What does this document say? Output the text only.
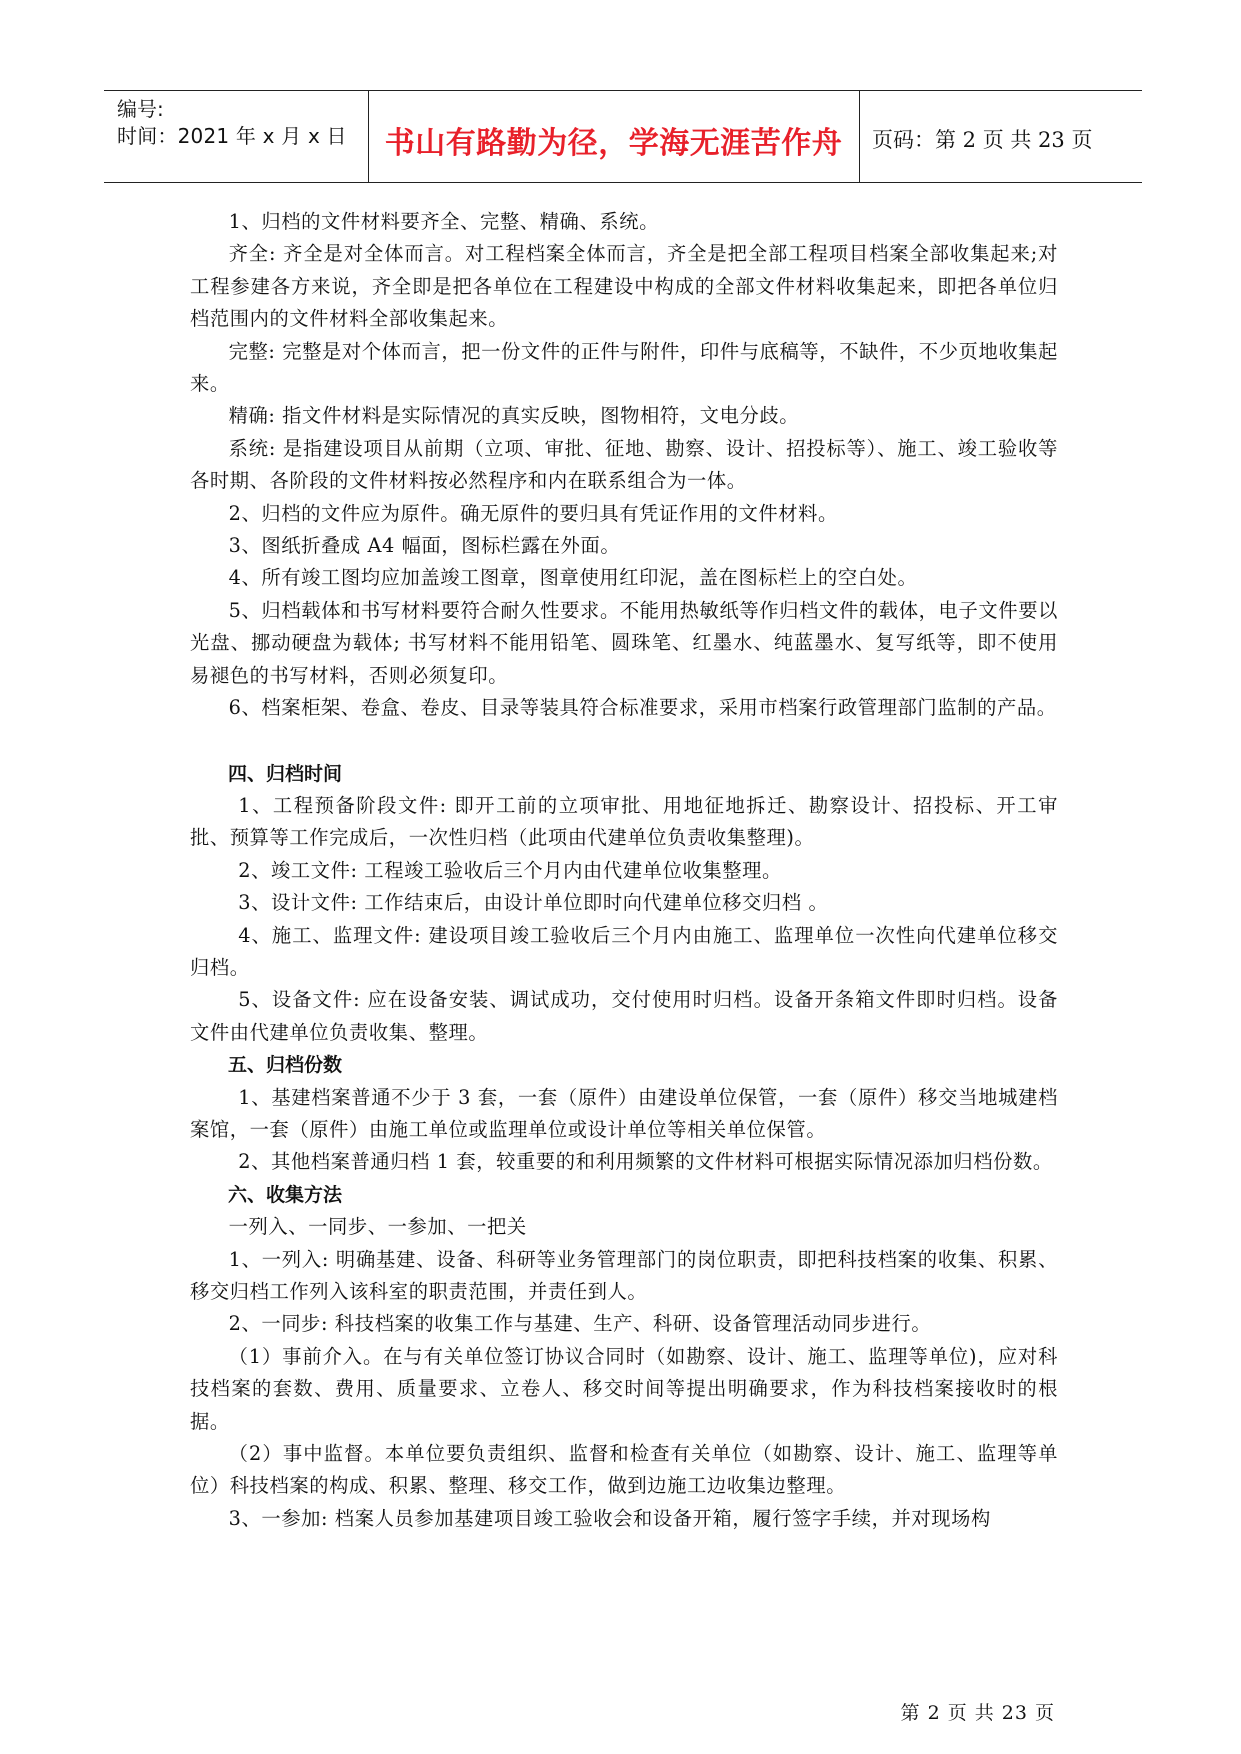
编号:
时间：2021 年 x 月 x 日	书山有路勤为径，学海无涯苦作舟	页码：第 2 页 共 23 页

1、归档的文件材料要齐全、完整、精确、系统。

齐全: 齐全是对全体而言。对工程档案全体而言，齐全是把全部工程项目档案全部收集起来;对工程参建各方来说，齐全即是把各单位在工程建设中构成的全部文件材料收集起来，即把各单位归档范围内的文件材料全部收集起来。

完整: 完整是对个体而言，把一份文件的正件与附件，印件与底稿等，不缺件，不少页地收集起来。

精确: 指文件材料是实际情况的真实反映，图物相符，文电分歧。

系统: 是指建设项目从前期（立项、审批、征地、勘察、设计、招投标等）、施工、竣工验收等各时期、各阶段的文件材料按必然程序和内在联系组合为一体。

2、归档的文件应为原件。确无原件的要归具有凭证作用的文件材料。

3、图纸折叠成 A4 幅面，图标栏露在外面。

4、所有竣工图均应加盖竣工图章，图章使用红印泥，盖在图标栏上的空白处。

5、归档载体和书写材料要符合耐久性要求。不能用热敏纸等作归档文件的载体，电子文件要以光盘、挪动硬盘为载体; 书写材料不能用铅笔、圆珠笔、红墨水、纯蓝墨水、复写纸等，即不使用易褪色的书写材料，否则必须复印。

6、档案柜架、卷盒、卷皮、目录等装具符合标准要求，采用市档案行政管理部门监制的产品。

四、归档时间

1、工程预备阶段文件: 即开工前的立项审批、用地征地拆迁、勘察设计、招投标、开工审批、预算等工作完成后，一次性归档（此项由代建单位负责收集整理)。

2、竣工文件: 工程竣工验收后三个月内由代建单位收集整理。

3、设计文件: 工作结束后，由设计单位即时向代建单位移交归档 。

4、施工、监理文件: 建设项目竣工验收后三个月内由施工、监理单位一次性向代建单位移交归档。

5、设备文件: 应在设备安装、调试成功，交付使用时归档。设备开条箱文件即时归档。设备文件由代建单位负责收集、整理。

五、归档份数

1、基建档案普通不少于 3 套，一套（原件）由建设单位保管，一套（原件）移交当地城建档案馆，一套（原件）由施工单位或监理单位或设计单位等相关单位保管。

2、其他档案普通归档 1 套，较重要的和利用频繁的文件材料可根据实际情况添加归档份数。

六、收集方法

一列入、一同步、一参加、一把关

1、一列入: 明确基建、设备、科研等业务管理部门的岗位职责，即把科技档案的收集、积累、移交归档工作列入该科室的职责范围，并责任到人。

2、一同步: 科技档案的收集工作与基建、生产、科研、设备管理活动同步进行。

（1）事前介入。在与有关单位签订协议合同时（如勘察、设计、施工、监理等单位)，应对科技档案的套数、费用、质量要求、立卷人、移交时间等提出明确要求，作为科技档案接收时的根据。

（2）事中监督。本单位要负责组织、监督和检查有关单位（如勘察、设计、施工、监理等单位）科技档案的构成、积累、整理、移交工作，做到边施工边收集边整理。

3、一参加: 档案人员参加基建项目竣工验收会和设备开箱，履行签字手续，并对现场构

第 2 页 共 23 页
